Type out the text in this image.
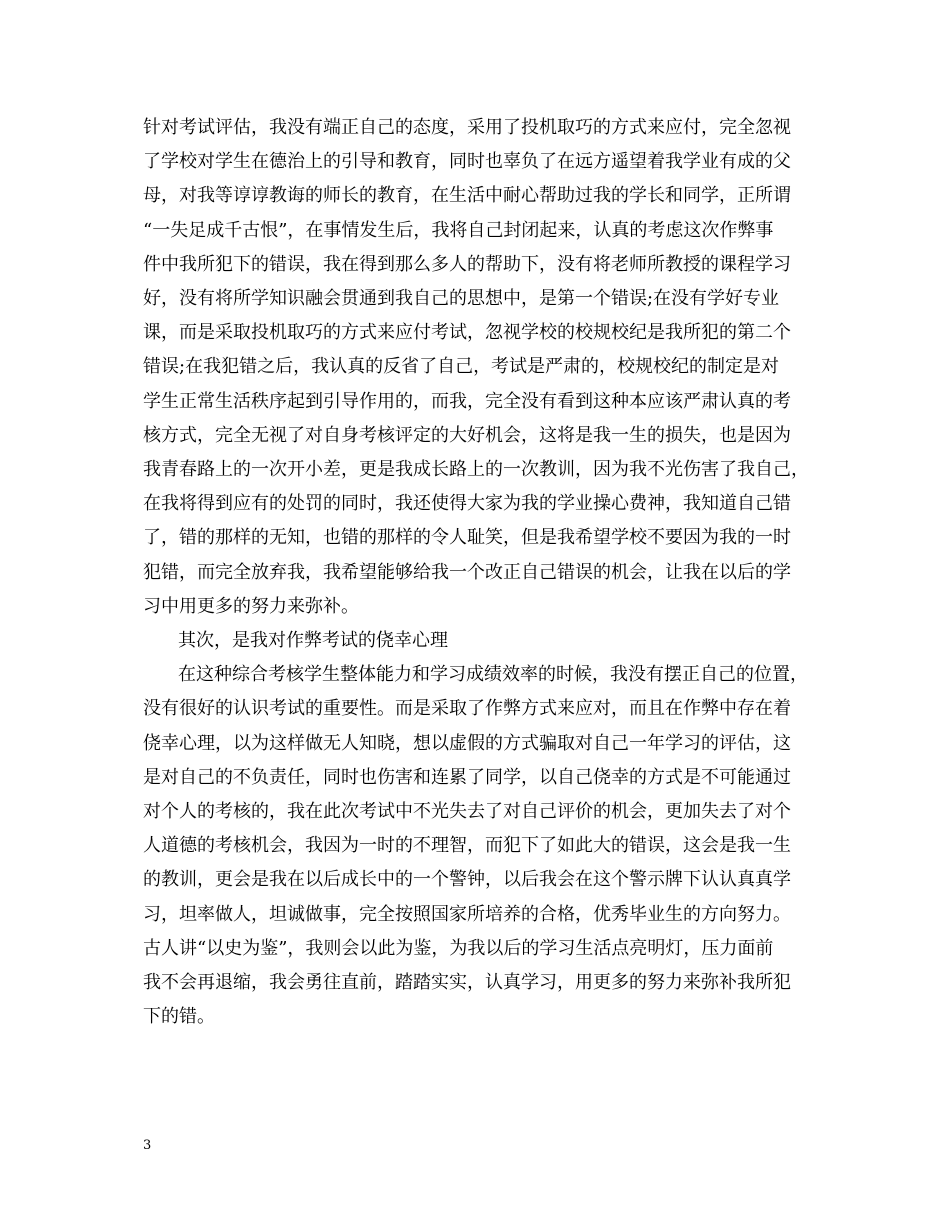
针对考试评估，我没有端正自己的态度，采用了投机取巧的方式来应付，完全忽视
了学校对学生在德治上的引导和教育，同时也辜负了在远方遥望着我学业有成的父
母，对我等谆谆教诲的师长的教育，在生活中耐心帮助过我的学长和同学，正所谓
“一失足成千古恨”，在事情发生后，我将自己封闭起来，认真的考虑这次作弊事
件中我所犯下的错误，我在得到那么多人的帮助下，没有将老师所教授的课程学习
好，没有将所学知识融会贯通到我自己的思想中，是第一个错误;在没有学好专业
课，而是采取投机取巧的方式来应付考试，忽视学校的校规校纪是我所犯的第二个
错误;在我犯错之后，我认真的反省了自己，考试是严肃的，校规校纪的制定是对
学生正常生活秩序起到引导作用的，而我，完全没有看到这种本应该严肃认真的考
核方式，完全无视了对自身考核评定的大好机会，这将是我一生的损失，也是因为
我青春路上的一次开小差，更是我成长路上的一次教训，因为我不光伤害了我自己，
在我将得到应有的处罚的同时，我还使得大家为我的学业操心费神，我知道自己错
了，错的那样的无知，也错的那样的令人耻笑，但是我希望学校不要因为我的一时
犯错，而完全放弃我，我希望能够给我一个改正自己错误的机会，让我在以后的学
习中用更多的努力来弥补。
其次，是我对作弊考试的侥幸心理
在这种综合考核学生整体能力和学习成绩效率的时候，我没有摆正自己的位置，
没有很好的认识考试的重要性。而是采取了作弊方式来应对，而且在作弊中存在着
侥幸心理，以为这样做无人知晓，想以虚假的方式骗取对自己一年学习的评估，这
是对自己的不负责任，同时也伤害和连累了同学，以自己侥幸的方式是不可能通过
对个人的考核的，我在此次考试中不光失去了对自己评价的机会，更加失去了对个
人道德的考核机会，我因为一时的不理智，而犯下了如此大的错误，这会是我一生
的教训，更会是我在以后成长中的一个警钟，以后我会在这个警示牌下认认真真学
习，坦率做人，坦诚做事，完全按照国家所培养的合格，优秀毕业生的方向努力。
古人讲“以史为鉴”，我则会以此为鉴，为我以后的学习生活点亮明灯，压力面前
我不会再退缩，我会勇往直前，踏踏实实，认真学习，用更多的努力来弥补我所犯
下的错。
3
